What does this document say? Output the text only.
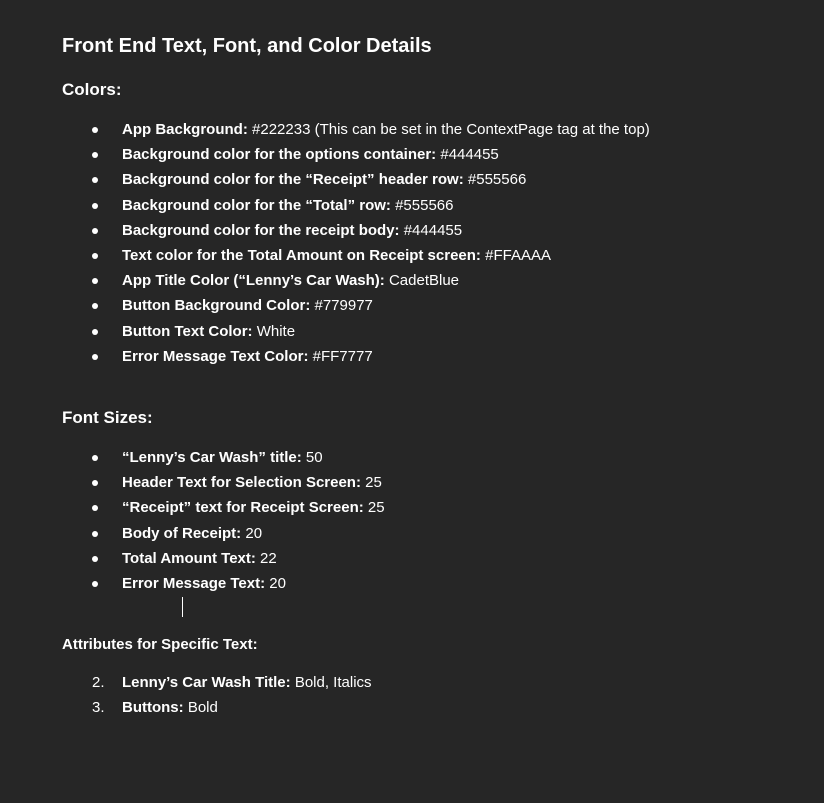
Front End Text, Font, and Color Details
Colors:
App Background: #222233 (This can be set in the ContextPage tag at the top)
Background color for the options container: #444455
Background color for the “Receipt” header row: #555566
Background color for the “Total” row: #555566
Background color for the receipt body: #444455
Text color for the Total Amount on Receipt screen: #FFAAAA
App Title Color (“Lenny’s Car Wash): CadetBlue
Button Background Color: #779977
Button Text Color: White
Error Message Text Color: #FF7777
Font Sizes:
“Lenny’s Car Wash” title: 50
Header Text for Selection Screen: 25
“Receipt” text for Receipt Screen: 25
Body of Receipt: 20
Total Amount Text: 22
Error Message Text: 20
Attributes for Specific Text:
2. Lenny’s Car Wash Title: Bold, Italics
3. Buttons: Bold
